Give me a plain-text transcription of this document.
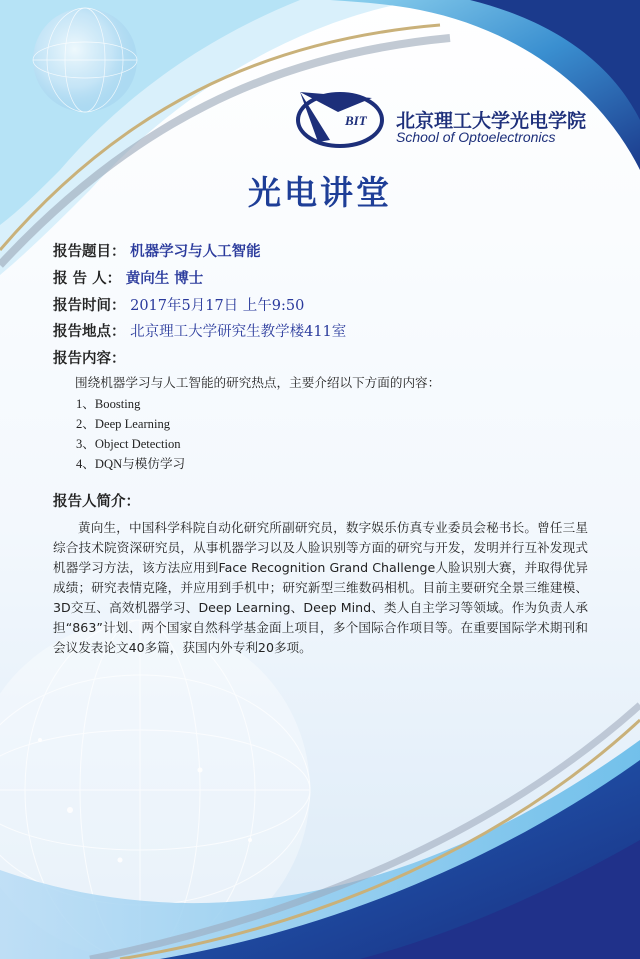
BIT 北京理工大学光电学院
School of Optoelectronics
光电讲堂
报告题目： 机器学习与人工智能
报 告 人： 黄向生 博士
报告时间： 2017年5月17日 上午9:50
报告地点： 北京理工大学研究生教学楼411室
报告内容：
围绕机器学习与人工智能的研究热点，主要介绍以下方面的内容：
1、Boosting
2、Deep Learning
3、Object Detection
4、DQN与模仿学习
报告人简介：

黄向生，中国科学科院自动化研究所副研究员，数字娱乐仿真专业委员会秘书长。曾任三星综合技术院资深研究员，从事机器学习以及人脸识别等方面的研究与开发，发明并行互补发现式机器学习方法，该方法应用到Face Recognition Grand Challenge人脸识别大赛，并取得优异成绩；研究表情克隆，并应用到手机中；研究新型三维数码相机。目前主要研究全景三维建模、3D交互、高效机器学习、Deep Learning、Deep Mind、类人自主学习等领域。作为负责人承担“863”计划、两个国家自然科学基金面上项目，多个国际合作项目等。在重要国际学术期刊和会议发表论文40多篇，获国内外专利20多项。
